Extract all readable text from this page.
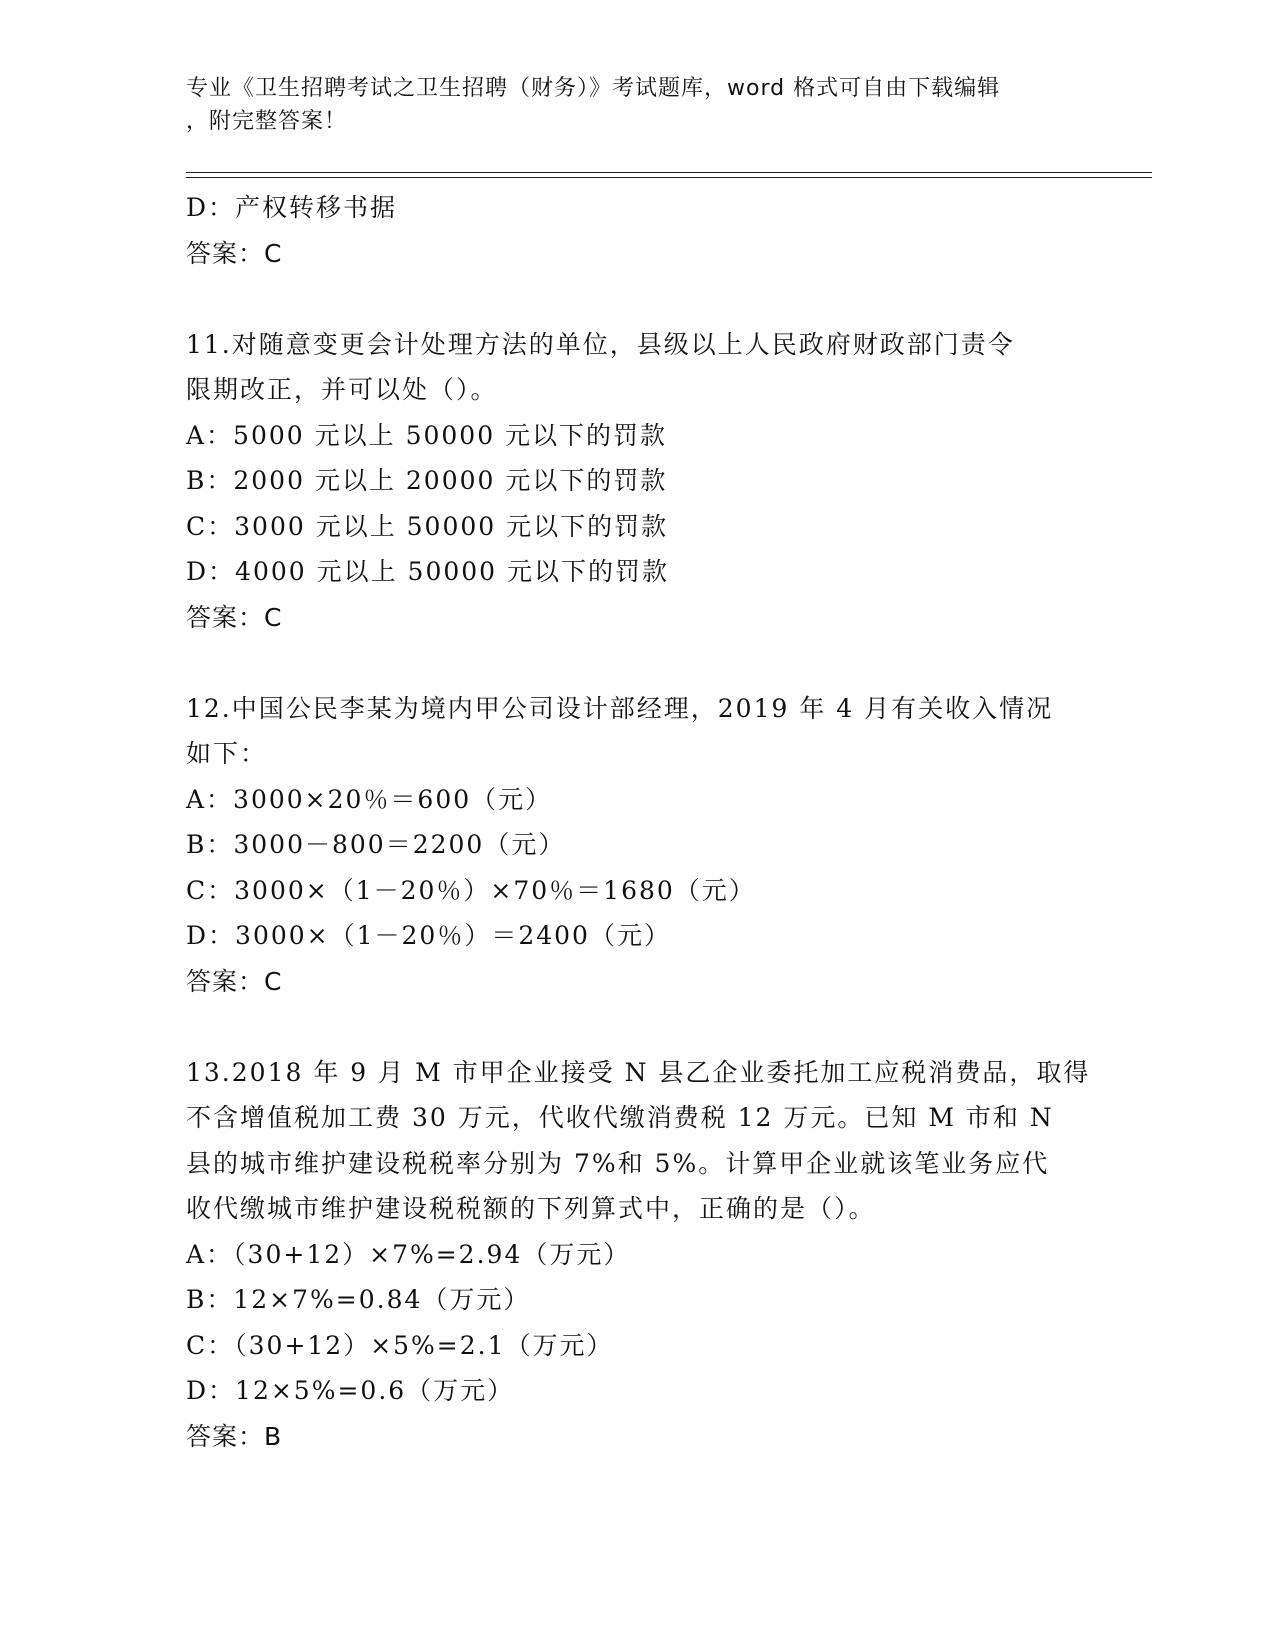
专业《卫生招聘考试之卫生招聘（财务）》考试题库，word 格式可自由下载编辑
，附完整答案！
D：产权转移书据
答案：C
11.对随意变更会计处理方法的单位，县级以上人民政府财政部门责令
限期改正，并可以处（）。
A：5000 元以上 50000 元以下的罚款
B：2000 元以上 20000 元以下的罚款
C：3000 元以上 50000 元以下的罚款
D：4000 元以上 50000 元以下的罚款
答案：C
12.中国公民李某为境内甲公司设计部经理，2019 年 4 月有关收入情况
如下：
A：3000×20％＝600（元）
B：3000－800＝2200（元）
C：3000×（1－20％）×70％＝1680（元）
D：3000×（1－20％）＝2400（元）
答案：C
13.2018 年 9 月 M 市甲企业接受 N 县乙企业委托加工应税消费品，取得
不含增值税加工费 30 万元，代收代缴消费税 12 万元。已知 M 市和 N
县的城市维护建设税税率分别为 7%和 5%。计算甲企业就该笔业务应代
收代缴城市维护建设税税额的下列算式中，正确的是（）。
A：（30+12）×7%=2.94（万元）
B：12×7%=0.84（万元）
C：（30+12）×5%=2.1（万元）
D：12×5%=0.6（万元）
答案：B
